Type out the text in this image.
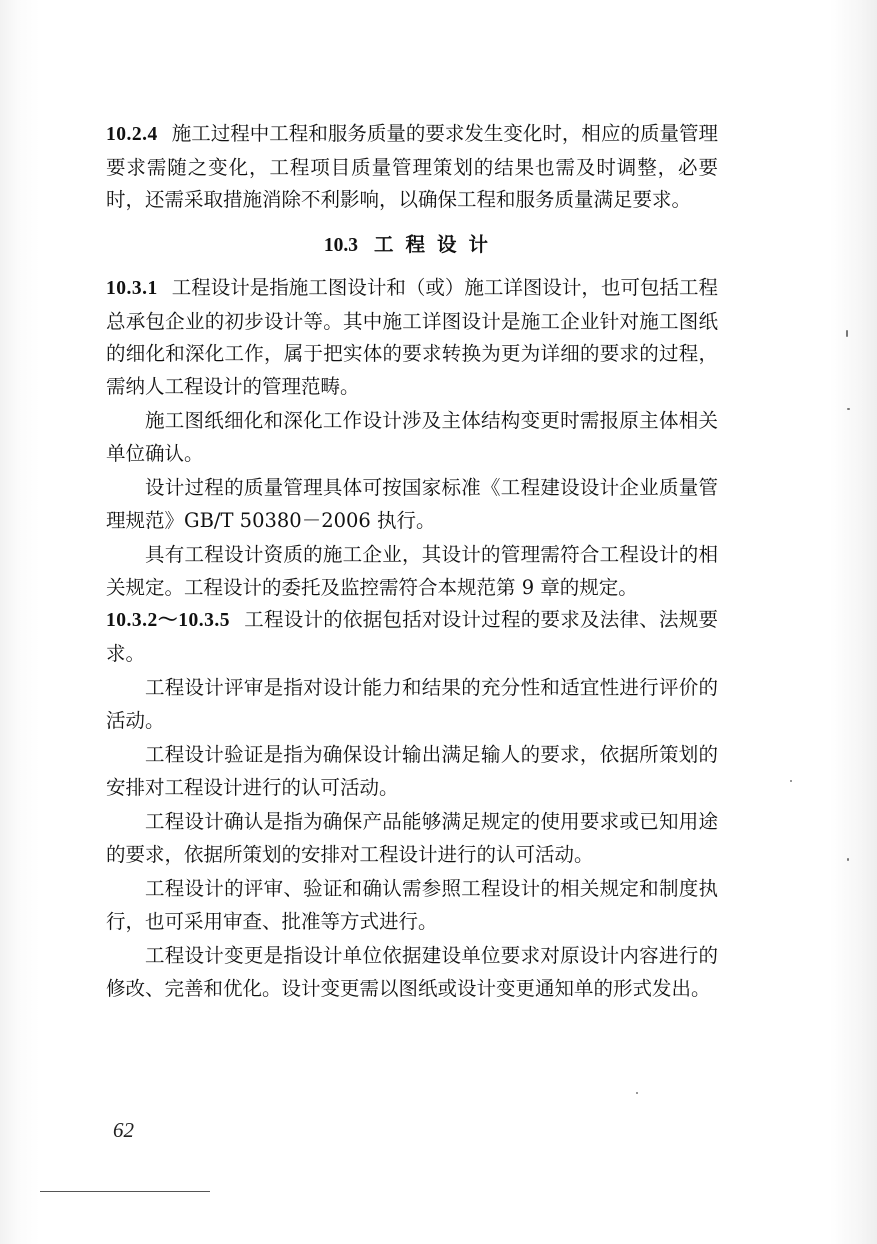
10.2.4 施工过程中工程和服务质量的要求发生变化时，相应的质量管理要求需随之变化，工程项目质量管理策划的结果也需及时调整，必要时，还需采取措施消除不利影响，以确保工程和服务质量满足要求。

10.3 工程设计

10.3.1 工程设计是指施工图设计和（或）施工详图设计，也可包括工程总承包企业的初步设计等。其中施工详图设计是施工企业针对施工图纸的细化和深化工作，属于把实体的要求转换为更为详细的要求的过程，需纳人工程设计的管理范畴。

施工图纸细化和深化工作设计涉及主体结构变更时需报原主体相关单位确认。

设计过程的质量管理具体可按国家标准《工程建设设计企业质量管理规范》GB/T 50380－2006 执行。

具有工程设计资质的施工企业，其设计的管理需符合工程设计的相关规定。工程设计的委托及监控需符合本规范第 9 章的规定。

10.3.2～10.3.5 工程设计的依据包括对设计过程的要求及法律、法规要求。

工程设计评审是指对设计能力和结果的充分性和适宜性进行评价的活动。

工程设计验证是指为确保设计输出满足输人的要求，依据所策划的安排对工程设计进行的认可活动。

工程设计确认是指为确保产品能够满足规定的使用要求或已知用途的要求，依据所策划的安排对工程设计进行的认可活动。

工程设计的评审、验证和确认需参照工程设计的相关规定和制度执行，也可采用审查、批准等方式进行。

工程设计变更是指设计单位依据建设单位要求对原设计内容进行的修改、完善和优化。设计变更需以图纸或设计变更通知单的形式发出。

62
